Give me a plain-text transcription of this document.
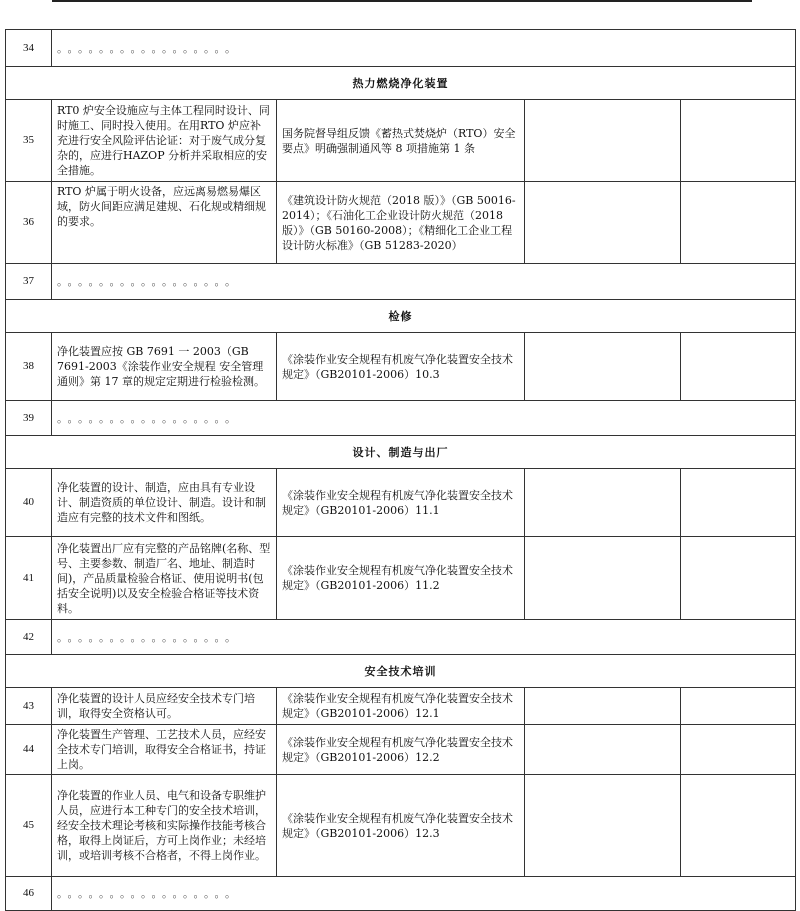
34	。。。。。。。。。。。。。。。。。			
热力燃烧净化装置				
35	RT0 炉安全设施应与主体工程同时设计、同时施工、同时投入使用。在用RTO 炉应补充进行安全风险评估论证：对于废气成分复杂的，应进行HAZOP 分析并采取相应的安全措施。	国务院督导组反馈《蓄热式焚烧炉（RTO）安全要点》明确强制通风等 8 项措施第 1 条		
36	RTO 炉属于明火设备，应远离易燃易爆区域，防火间距应满足建规、石化规或精细规的要求。	《建筑设计防火规范（2018 版）》（GB 50016-2014）；《石油化工企业设计防火规范（2018 版）》（GB 50160-2008）；《精细化工企业工程设计防火标准》（GB 51283-2020）		
37	。。。。。。。。。。。。。。。。。			
检修				
38	净化装置应按 GB 7691 一 2003（GB 7691-2003《涂装作业安全规程 安全管理通则》第 17 章的规定定期进行检验检测。	《涂装作业安全规程有机废气净化装置安全技术规定》（GB20101-2006）10.3		
39	。。。。。。。。。。。。。。。。。			
设计、制造与出厂				
40	净化装置的设计、制造，应由具有专业设计、制造资质的单位设计、制造。设计和制造应有完整的技术文件和图纸。	《涂装作业安全规程有机废气净化装置安全技术规定》（GB20101-2006）11.1		
41	净化装置出厂应有完整的产品铭牌(名称、型号、主要参数、制造厂名、地址、制造时间)，产品质量检验合格证、使用说明书(包括安全说明)以及安全检验合格证等技术资料。	《涂装作业安全规程有机废气净化装置安全技术规定》（GB20101-2006）11.2		
42	。。。。。。。。。。。。。。。。。			
安全技术培训				
43	净化装置的设计人员应经安全技术专门培训，取得安全资格认可。	《涂装作业安全规程有机废气净化装置安全技术规定》（GB20101-2006）12.1		
44	净化装置生产管理、工艺技术人员，应经安全技术专门培训，取得安全合格证书，持证上岗。	《涂装作业安全规程有机废气净化装置安全技术规定》（GB20101-2006）12.2		
45	净化装置的作业人员、电气和设备专职维护人员，应进行本工种专门的安全技术培训，经安全技术理论考核和实际操作技能考核合格，取得上岗证后，方可上岗作业；未经培训，或培训考核不合格者，不得上岗作业。	《涂装作业安全规程有机废气净化装置安全技术规定》（GB20101-2006）12.3		
46	。。。。。。。。。。。。。。。。。			
